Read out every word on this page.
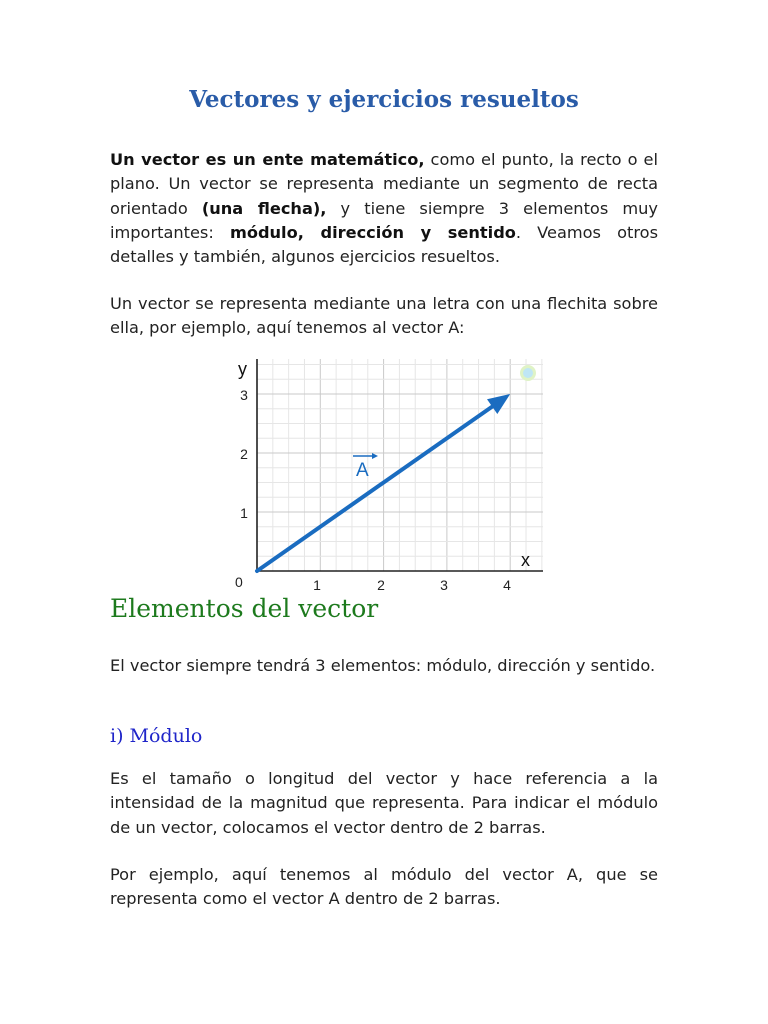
Vectores y ejercicios resueltos

Un vector es un ente matemático, como el punto, la recto o el plano. Un vector se representa mediante un segmento de recta orientado (una flecha), y tiene siempre 3 elementos muy importantes: módulo, dirección y sentido. Veamos otros detalles y también, algunos ejercicios resueltos.

Un vector se representa mediante una letra con una flechita sobre ella, por ejemplo, aquí tenemos al vector A:

y
x
0	1	2	3	4
1
2
3
A
Elementos del vector

El vector siempre tendrá 3 elementos: módulo, dirección y sentido.

i) Módulo

Es el tamaño o longitud del vector y hace referencia a la intensidad de la magnitud que representa. Para indicar el módulo de un vector, colocamos el vector dentro de 2 barras.

Por ejemplo, aquí tenemos al módulo del vector A, que se representa como el vector A dentro de 2 barras.
